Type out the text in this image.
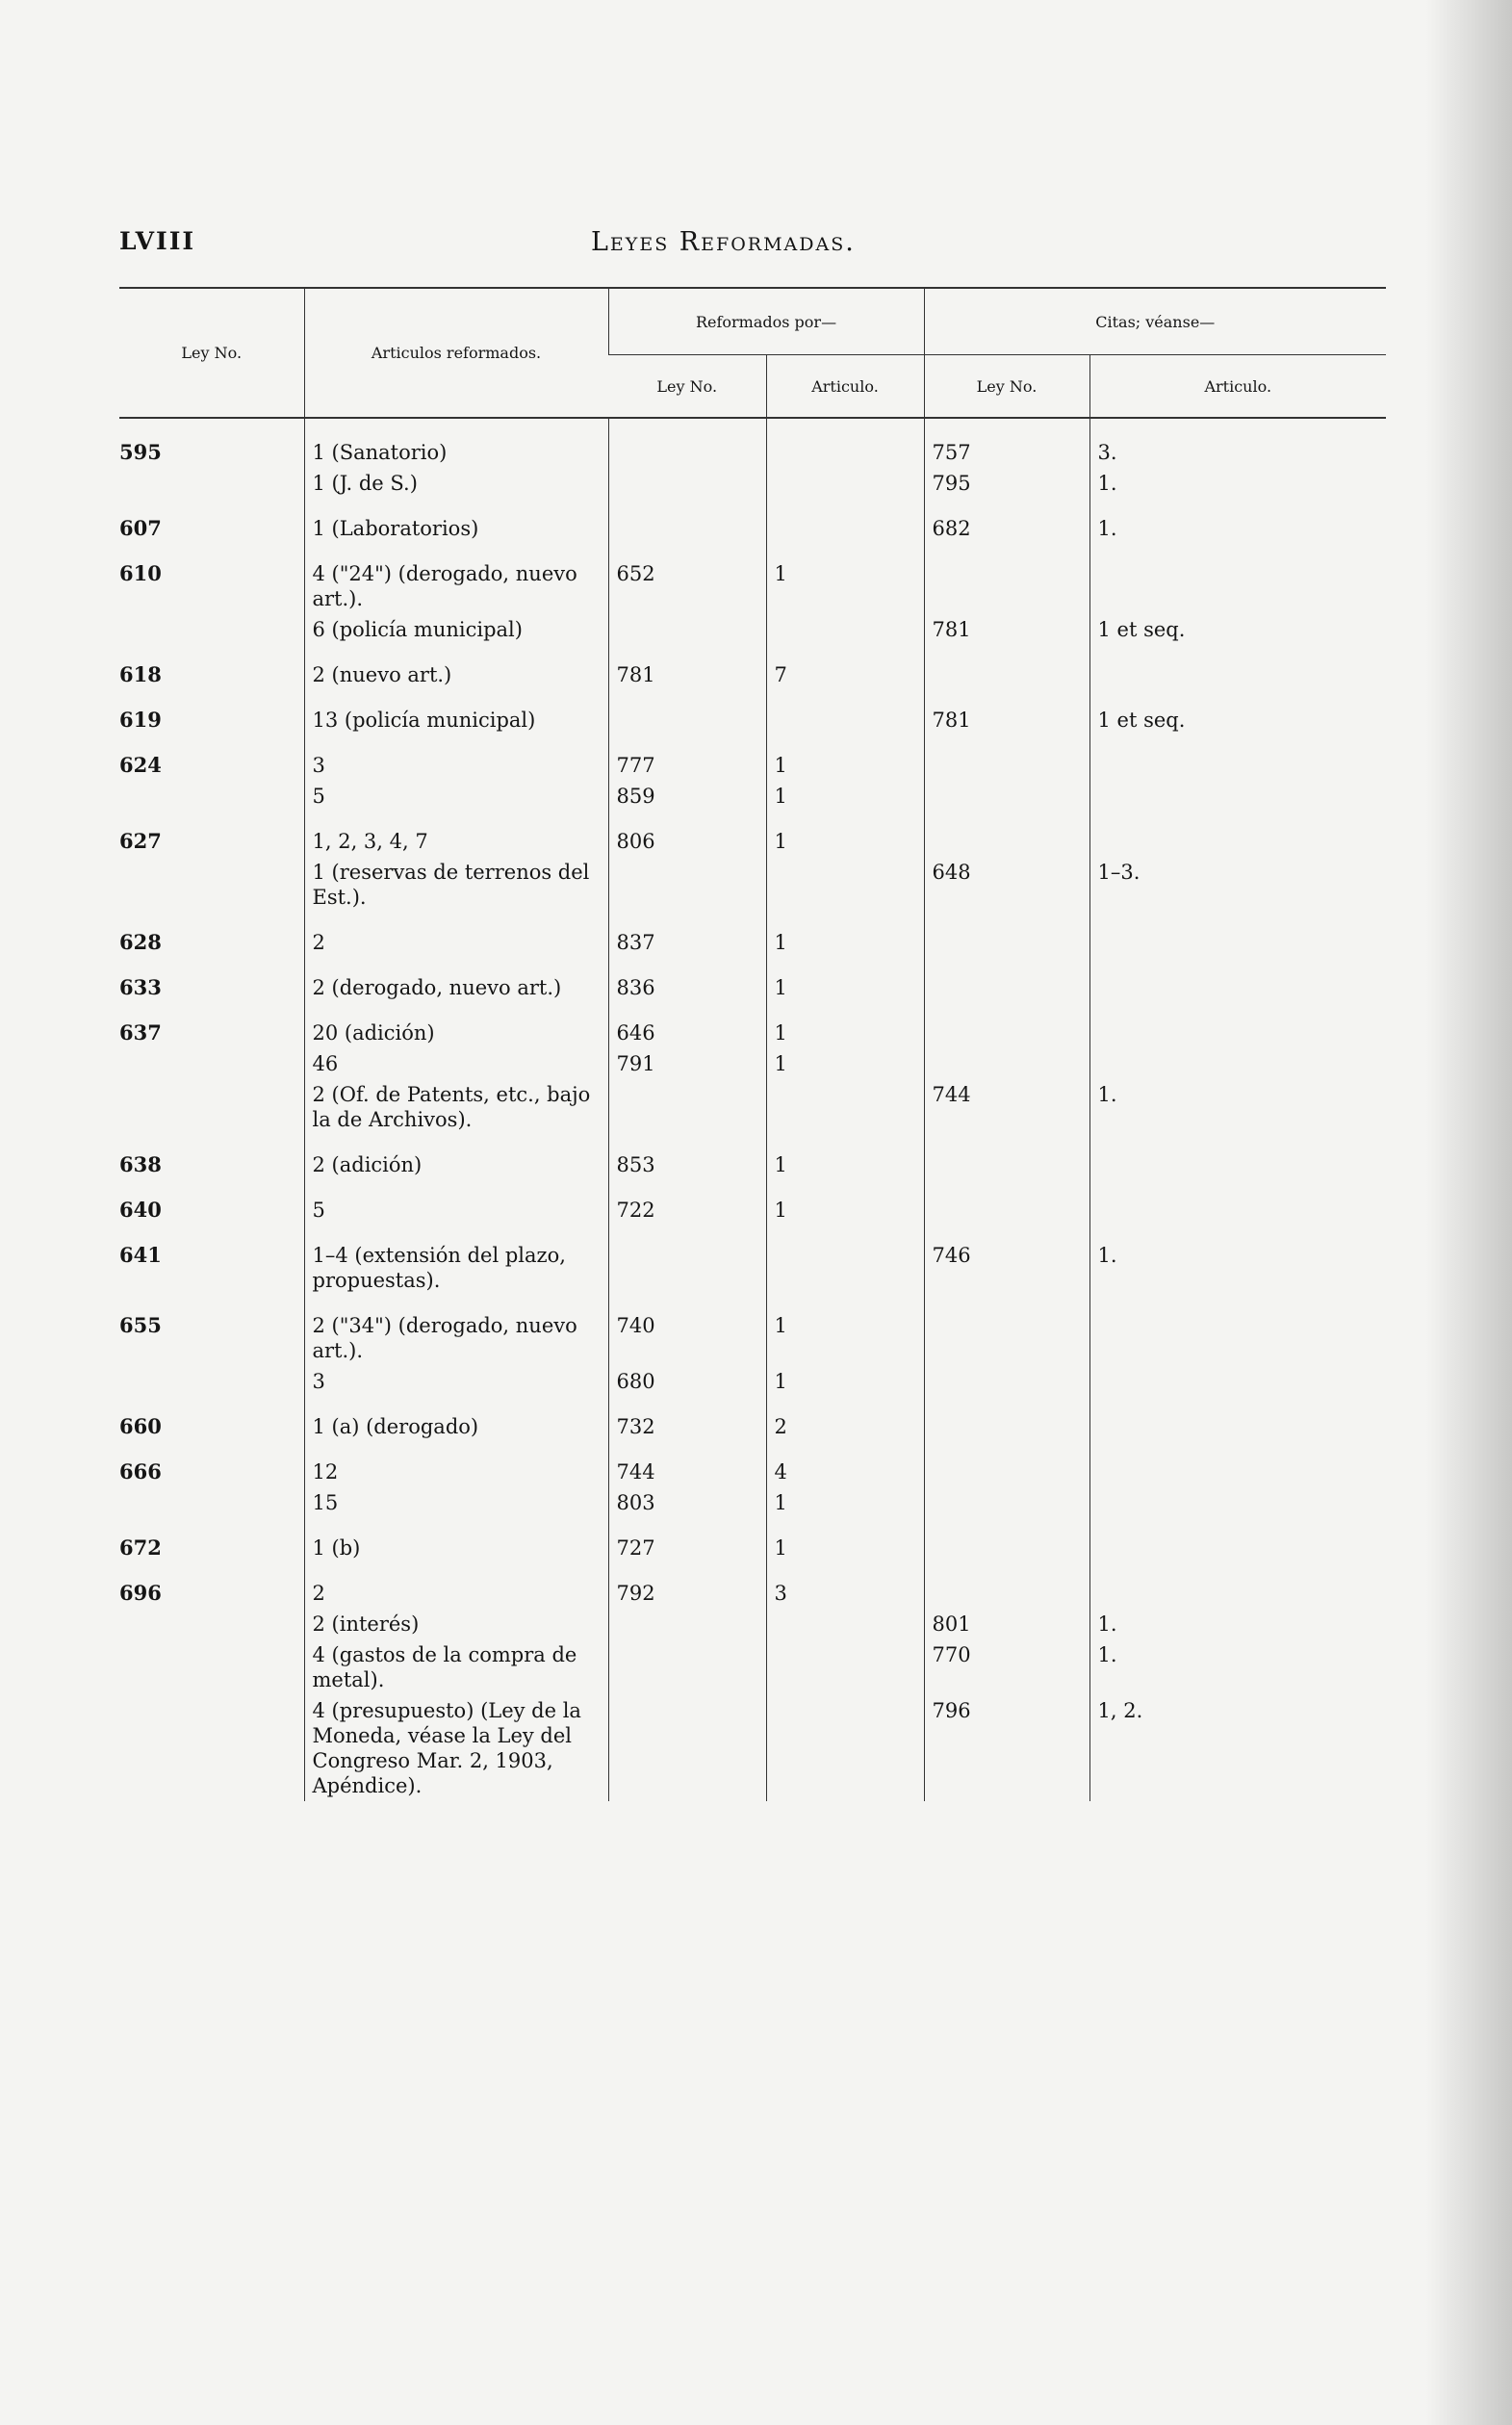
LVIII	Leyes Reformadas.
Ley No.	Articulos reformados.	Reformados por—		Citas; véanse—	
		Ley No.	Articulo.	Ley No.	Articulo.
595	1 (Sanatorio)			757	3.
	1 (J. de S.)			795	1.
607	1 (Laboratorios)			682	1.
610	4 ("24") (derogado, nuevo art.).	652	1		
	6 (policía municipal)			781	1 et seq.
618	2 (nuevo art.)	781	7		
619	13 (policía municipal)			781	1 et seq.
624	3	777	1		
	5	859	1		
627	1, 2, 3, 4, 7	806	1		
	1 (reservas de terrenos del Est.).			648	1–3.
628	2	837	1		
633	2 (derogado, nuevo art.)	836	1		
637	20 (adición)	646	1		
	46	791	1		
	2 (Of. de Patents, etc., bajo la de Archivos).			744	1.
638	2 (adición)	853	1		
640	5	722	1		
641	1–4 (extensión del plazo, propuestas).			746	1.
655	2 ("34") (derogado, nuevo art.).	740	1		
	3	680	1		
660	1 (a) (derogado)	732	2		
666	12	744	4		
	15	803	1		
672	1 (b)	727	1		
696	2	792	3		
	2 (interés)			801	1.
	4 (gastos de la compra de metal).			770	1.
	4 (presupuesto) (Ley de la Moneda, véase la Ley del Congreso Mar. 2, 1903, Apéndice).			796	1, 2.
